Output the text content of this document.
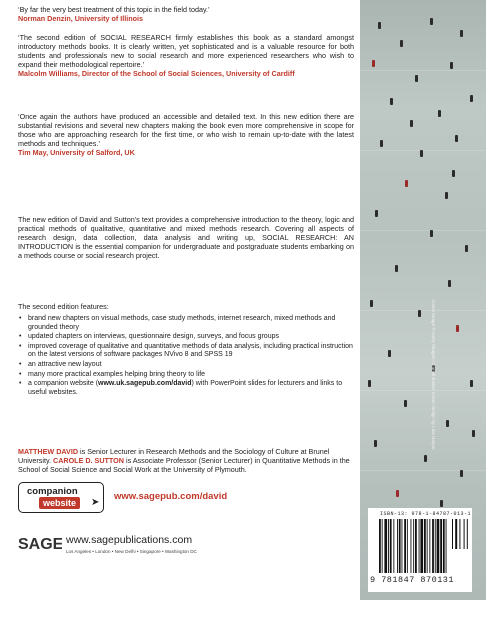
‘By far the very best treatment of this topic in the field today.’

Norman Denzin, University of Illinois

‘The second edition of SOCIAL RESEARCH firmly establishes this book as a standard amongst introductory methods books. It is clearly written, yet sophisticated and is a valuable resource for both students and professionals new to social research and more experienced researchers who wish to expand their methodological repertoire.’

Malcolm Williams, Director of the School of Social Sciences, University of Cardiff

‘Once again the authors have produced an accessible and detailed text. In this new edition there are substantial revisions and several new chapters making the book even more comprehensive in scope for those who are approaching research for the first time, or who wish to remain up-to-date with the latest methods and techniques.’

Tim May, University of Salford, UK

The new edition of David and Sutton’s text provides a comprehensive introduction to the theory, logic and practical methods of qualitative, quantitative and mixed methods research. Covering all aspects of research design, data collection, data analysis and writing up, SOCIAL RESEARCH: AN INTRODUCTION is the essential companion for undergraduate and postgraduate students embarking on a methods course or social research project.

The second edition features:

• brand new chapters on visual methods, case study methods, internet research, mixed methods and grounded theory
• updated chapters on interviews, questionnaire design, surveys, and focus groups
• improved coverage of qualitative and quantitative methods of data analysis, including practical instruction on the latest versions of software packages NVivo 8 and SPSS 19
• an attractive new layout
• many more practical examples helping bring theory to life
• a companion website (www.uk.sagepub.com/david) with PowerPoint slides for lecturers and links to useful websites.

MATTHEW DAVID is Senior Lecturer in Research Methods and the Sociology of Culture at Brunel University. CAROLE D. SUTTON is Associate Professor (Senior Lecturer) in Quantitative Methods in the School of Social Science and Social Work at the University of Plymouth.

companion
website	➤
www.sagepub.com/david
SAGE www.sagepublications.com
Los Angeles • London • New Delhi • Singapore • Washington DC
Cover image © Getty Images / Daniel Bosler Cover design by Lisa Harper
ISBN-13: 978-1-84787-013-1
9 781847 870131
